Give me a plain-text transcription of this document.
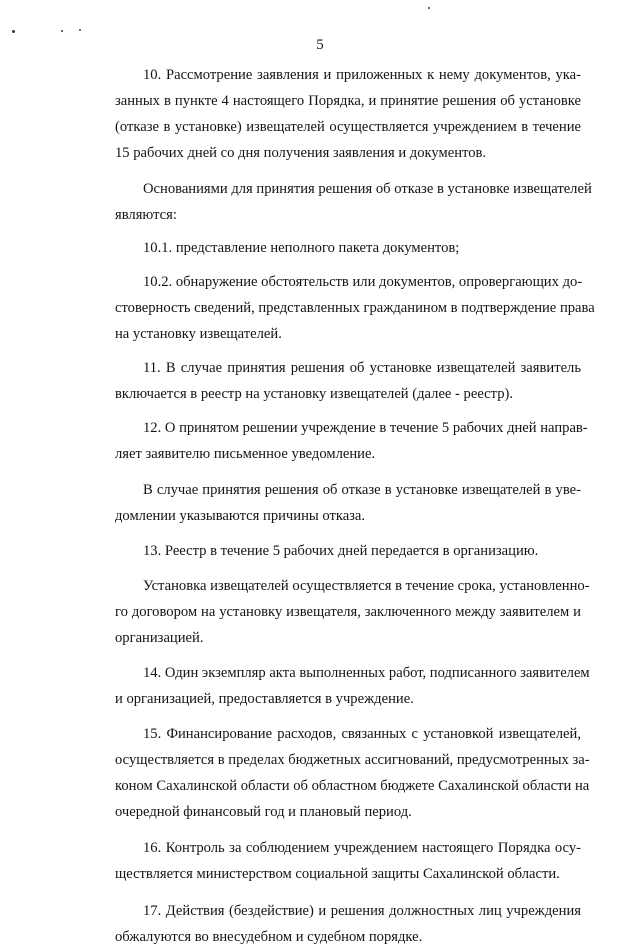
5
10. Рассмотрение заявления и приложенных к нему документов, ука-
занных в пункте 4 настоящего Порядка, и принятие решения об установке
(отказе в установке) извещателей осуществляется учреждением в течение
15 рабочих дней со дня получения заявления и документов.
Основаниями для принятия решения об отказе в установке извещателей
являются:
10.1. представление неполного пакета документов;
10.2. обнаружение обстоятельств или документов, опровергающих до-
стоверность сведений, представленных гражданином в подтверждение права
на установку извещателей.
11. В случае принятия решения об установке извещателей заявитель
включается в реестр на установку извещателей (далее - реестр).
12. О принятом решении учреждение в течение 5 рабочих дней направ-
ляет заявителю письменное уведомление.
В случае принятия решения об отказе в установке извещателей в уве-
домлении указываются причины отказа.
13. Реестр в течение 5 рабочих дней передается в организацию.
Установка извещателей осуществляется в течение срока, установленно-
го договором на установку извещателя, заключенного между заявителем и
организацией.
14. Один экземпляр акта выполненных работ, подписанного заявителем
и организацией, предоставляется в учреждение.
15. Финансирование расходов, связанных с установкой извещателей,
осуществляется в пределах бюджетных ассигнований, предусмотренных за-
коном Сахалинской области об областном бюджете Сахалинской области на
очередной финансовый год и плановый период.
16. Контроль за соблюдением учреждением настоящего Порядка осу-
ществляется министерством социальной защиты Сахалинской области.
17. Действия (бездействие) и решения должностных лиц учреждения
обжалуются во внесудебном и судебном порядке.
